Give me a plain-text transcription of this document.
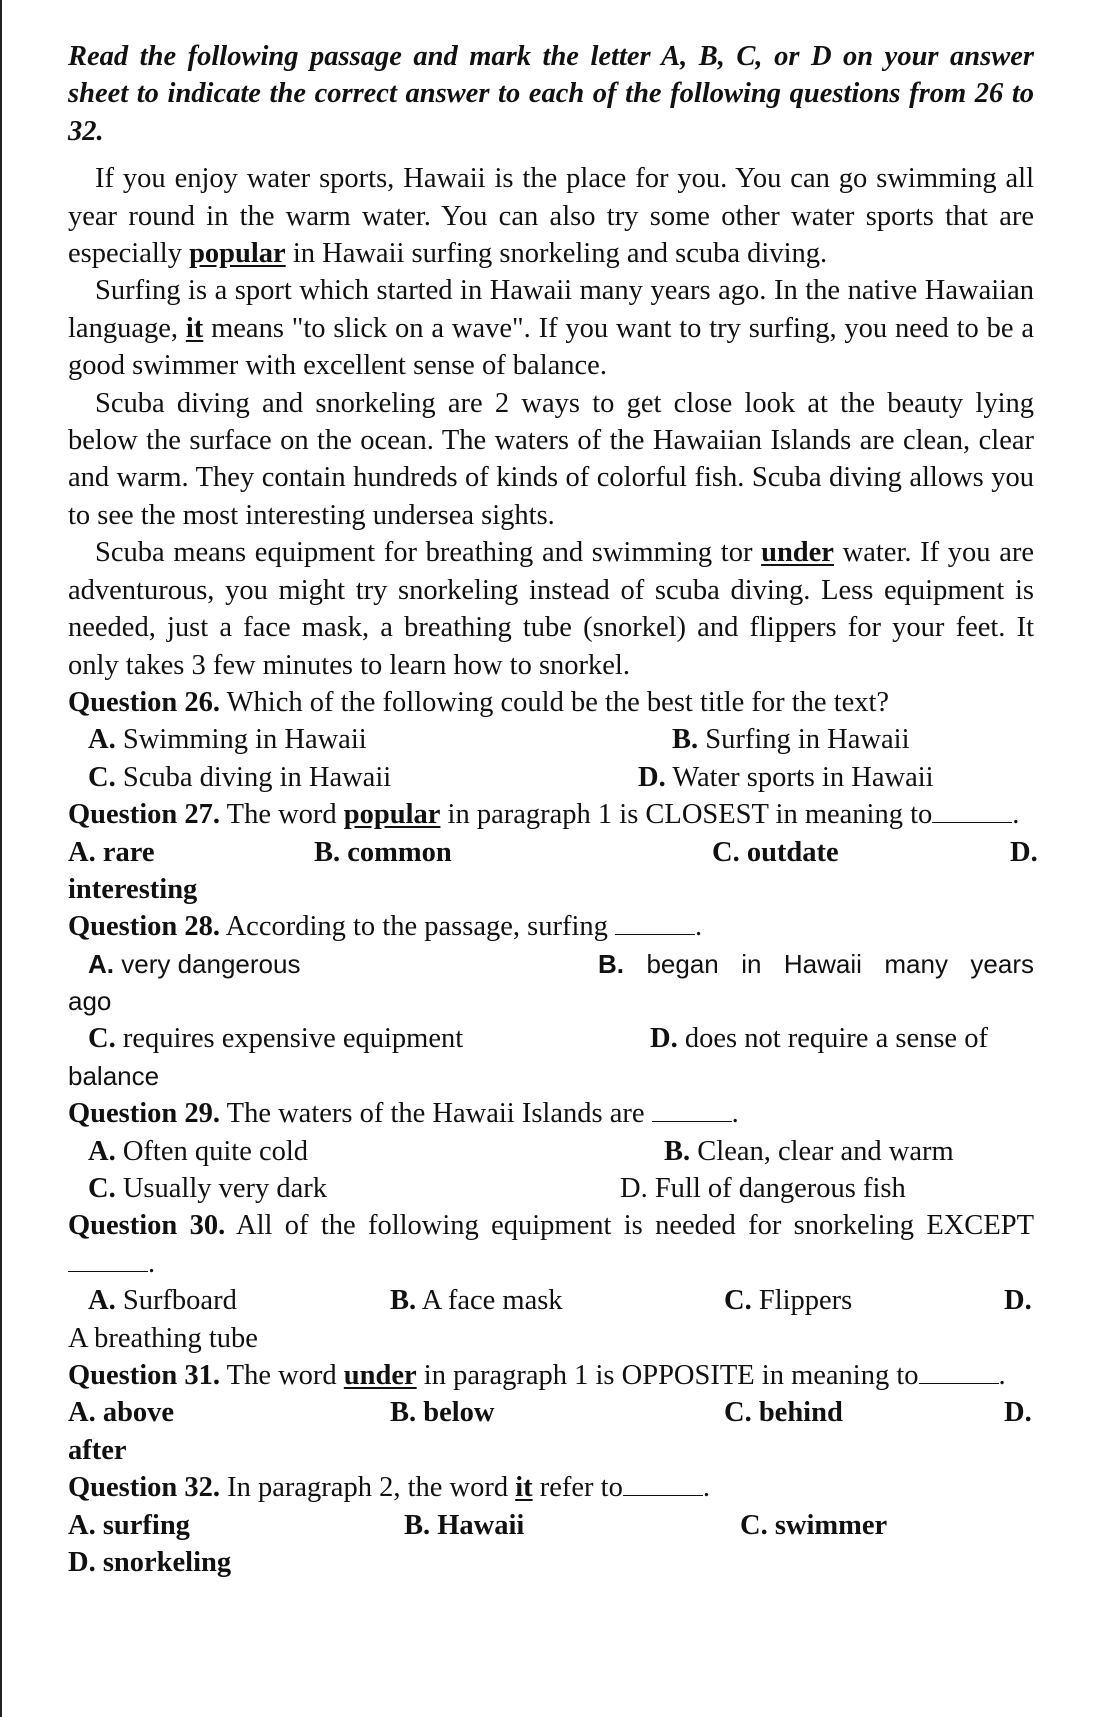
Read the following passage and mark the letter A, B, C, or D on your answer sheet to indicate the correct answer to each of the following questions from 26 to 32.

If you enjoy water sports, Hawaii is the place for you. You can go swimming all year round in the warm water. You can also try some other water sports that are especially popular in Hawaii surfing snorkeling and scuba diving.

Surfing is a sport which started in Hawaii many years ago. In the native Hawaiian language, it means "to slick on a wave". If you want to try surfing, you need to be a good swimmer with excellent sense of balance.

Scuba diving and snorkeling are 2 ways to get close look at the beauty lying below the surface on the ocean. The waters of the Hawaiian Islands are clean, clear and warm. They contain hundreds of kinds of colorful fish. Scuba diving allows you to see the most interesting undersea sights.

Scuba means equipment for breathing and swimming tor under water. If you are adventurous, you might try snorkeling instead of scuba diving. Less equipment is needed, just a face mask, a breathing tube (snorkel) and flippers for your feet. It only takes 3 few minutes to learn how to snorkel.

Question 26. Which of the following could be the best title for the text?

A. Swimming in Hawaii	B. Surfing in Hawaii
C. Scuba diving in Hawaii	D. Water sports in Hawaii

Question 27. The word popular in paragraph 1 is CLOSEST in meaning to	.

A. rare	B. common	C. outdate	D.
interesting

Question 28. According to the passage, surfing	.

A. very dangerous	B. began in Hawaii many years
ago
C. requires expensive equipment	D. does not require a sense of
balance

Question 29. The waters of the Hawaii Islands are	.

A. Often quite cold	B. Clean, clear and warm
C. Usually very dark	D. Full of dangerous fish

Question 30. All of the following equipment is needed for snorkeling EXCEPT.

A. Surfboard	B. A face mask	C. Flippers	D.
A breathing tube

Question 31. The word under in paragraph 1 is OPPOSITE in meaning to	.

A. above	B. below	C. behind	D.
after

Question 32. In paragraph 2, the word it refer to	.

A. surfing	B. Hawaii	C. swimmer
D. snorkeling
